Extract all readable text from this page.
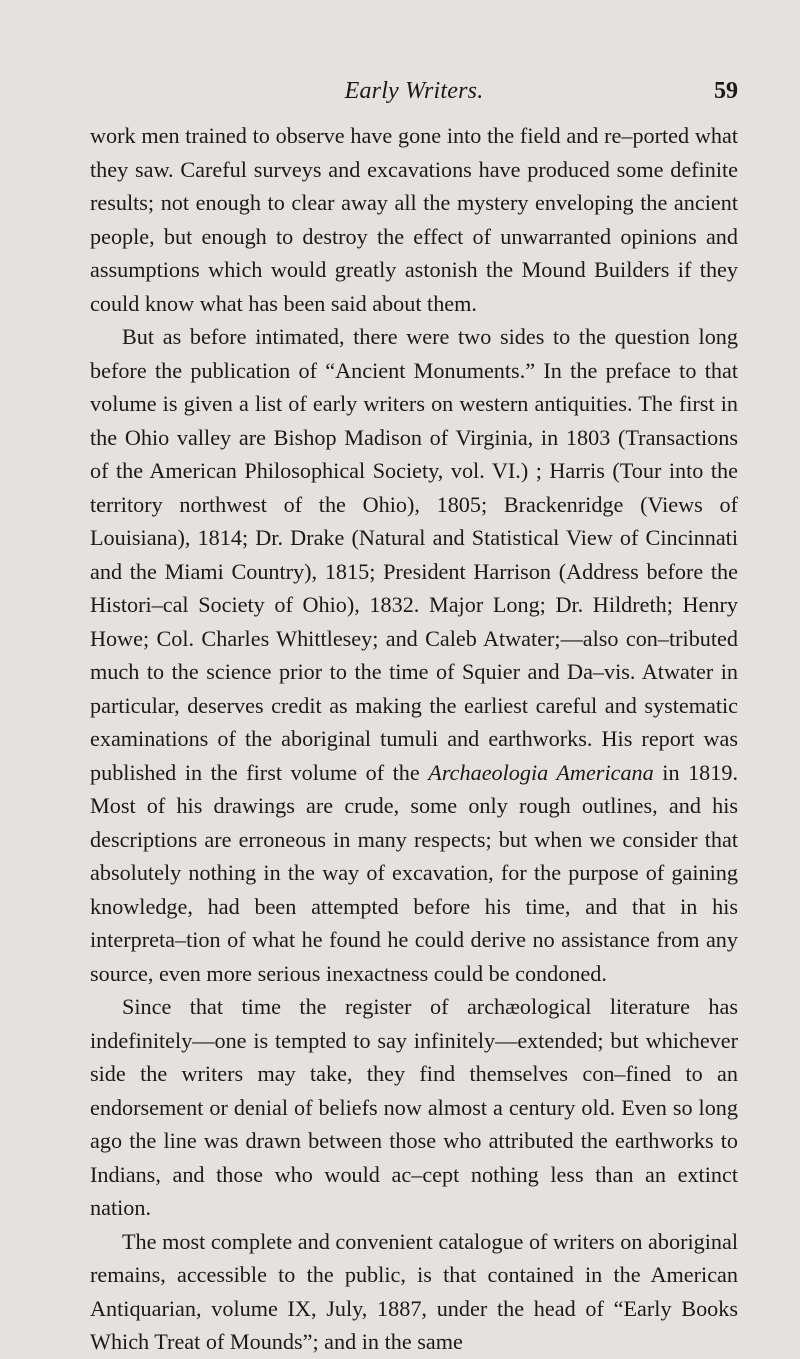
Early Writers.	59

work men trained to observe have gone into the field and re–ported what they saw. Careful surveys and excavations have produced some definite results; not enough to clear away all the mystery enveloping the ancient people, but enough to destroy the effect of unwarranted opinions and assumptions which would greatly astonish the Mound Builders if they could know what has been said about them.

But as before intimated, there were two sides to the question long before the publication of “Ancient Monuments.” In the preface to that volume is given a list of early writers on western antiquities. The first in the Ohio valley are Bishop Madison of Virginia, in 1803 (Transactions of the American Philosophical Society, vol. VI.) ; Harris (Tour into the territory northwest of the Ohio), 1805; Brackenridge (Views of Louisiana), 1814; Dr. Drake (Natural and Statistical View of Cincinnati and the Miami Country), 1815; President Harrison (Address before the Histori–cal Society of Ohio), 1832. Major Long; Dr. Hildreth; Henry Howe; Col. Charles Whittlesey; and Caleb Atwater;—also con–tributed much to the science prior to the time of Squier and Da–vis. Atwater in particular, deserves credit as making the earliest careful and systematic examinations of the aboriginal tumuli and earthworks. His report was published in the first volume of the Archaeologia Americana in 1819. Most of his drawings are crude, some only rough outlines, and his descriptions are erroneous in many respects; but when we consider that absolutely nothing in the way of excavation, for the purpose of gaining knowledge, had been attempted before his time, and that in his interpreta–tion of what he found he could derive no assistance from any source, even more serious inexactness could be condoned.

Since that time the register of archæological literature has indefinitely—one is tempted to say infinitely—extended; but whichever side the writers may take, they find themselves con–fined to an endorsement or denial of beliefs now almost a century old. Even so long ago the line was drawn between those who attributed the earthworks to Indians, and those who would ac–cept nothing less than an extinct nation.

The most complete and convenient catalogue of writers on aboriginal remains, accessible to the public, is that contained in the American Antiquarian, volume IX, July, 1887, under the head of “Early Books Which Treat of Mounds”; and in the same
